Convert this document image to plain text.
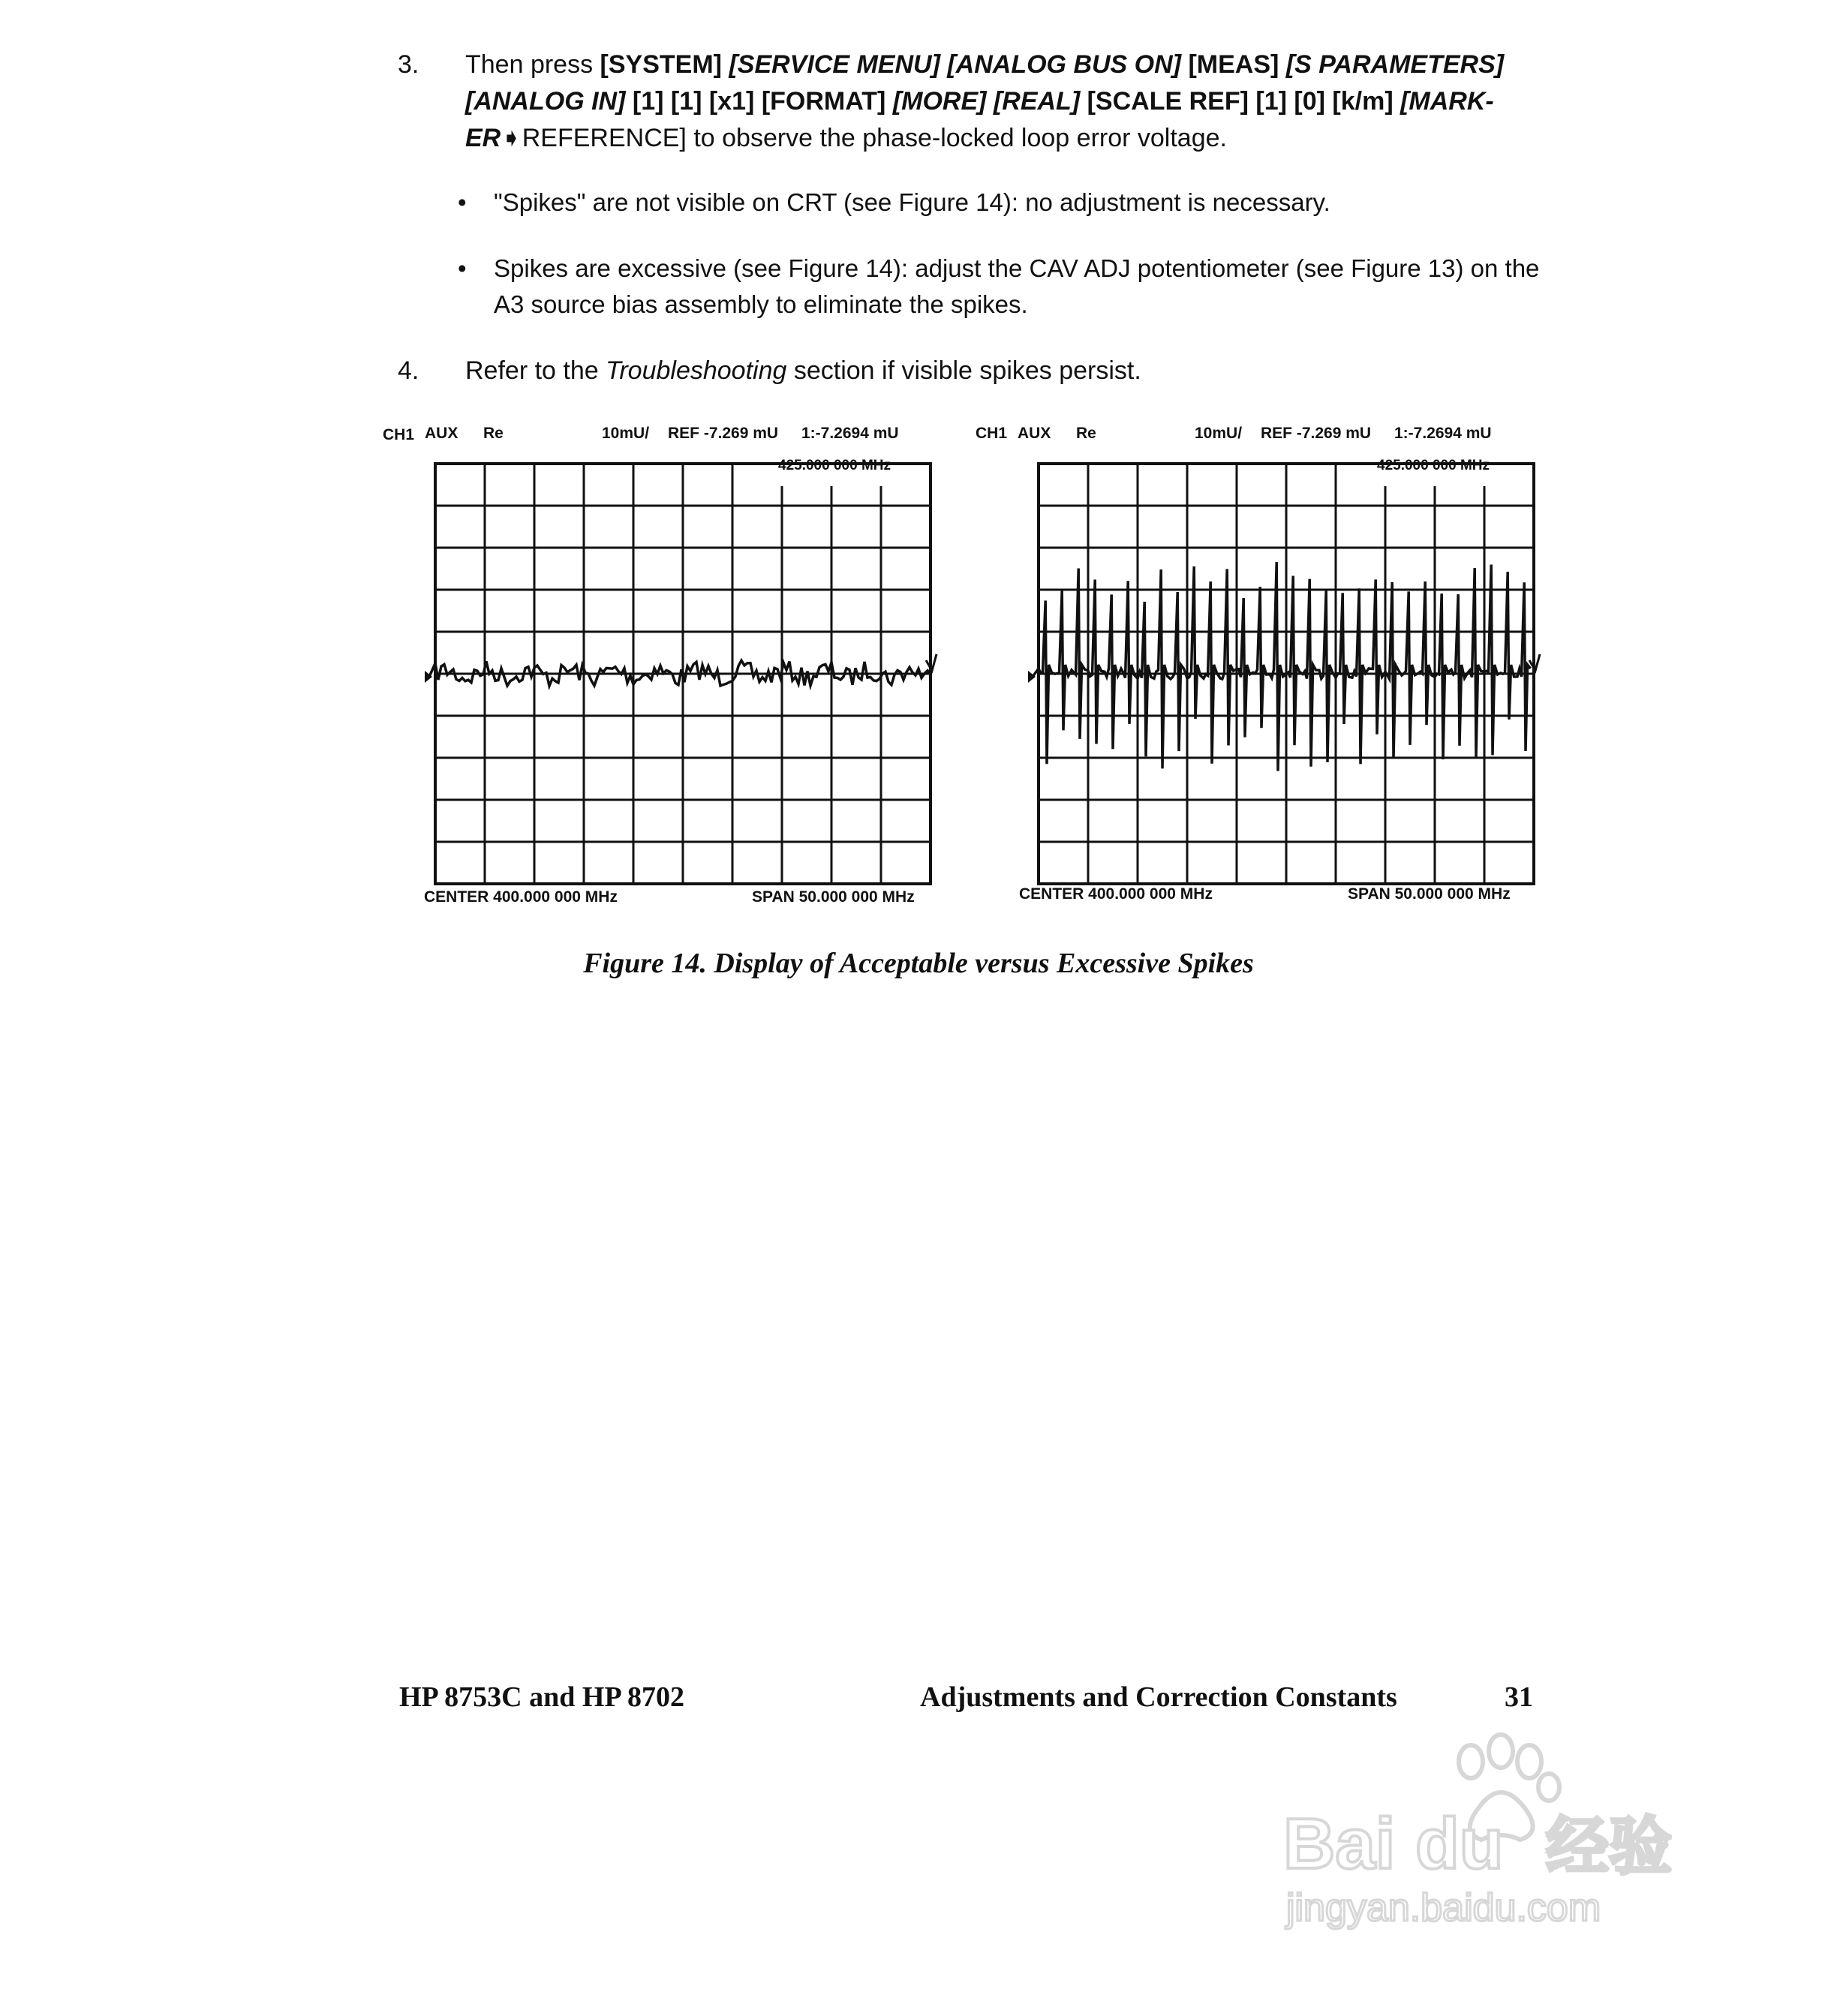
3.	Then press [SYSTEM] [SERVICE MENU] [ANALOG BUS ON] [MEAS] [S PARAMETERS] [ANALOG IN] [1] [1] [x1] [FORMAT] [MORE] [REAL] [SCALE REF] [1] [0] [k/m] [MARK-ER➧REFERENCE] to observe the phase-locked loop error voltage.
• "Spikes" are not visible on CRT (see Figure 14): no adjustment is necessary.
• Spikes are excessive (see Figure 14): adjust the CAV ADJ potentiometer (see Figure 13) on the A3 source bias assembly to eliminate the spikes.
4.	Refer to the Troubleshooting section if visible spikes persist.
CH1 AUX Re	10mU/ REF -7.269 mU 1:-7.2694 mU
425.000 000 MHz
CENTER 400.000 000 MHz	SPAN 50.000 000 MHz
CH1 AUX Re	10mU/ REF -7.269 mU 1:-7.2694 mU
425.000 000 MHz
CENTER 400.000 000 MHz	SPAN 50.000 000 MHz
Figure 14. Display of Acceptable versus Excessive Spikes
HP 8753C and HP 8702	Adjustments and Correction Constants	31
Bai du 经验
jingyan.baidu.com
